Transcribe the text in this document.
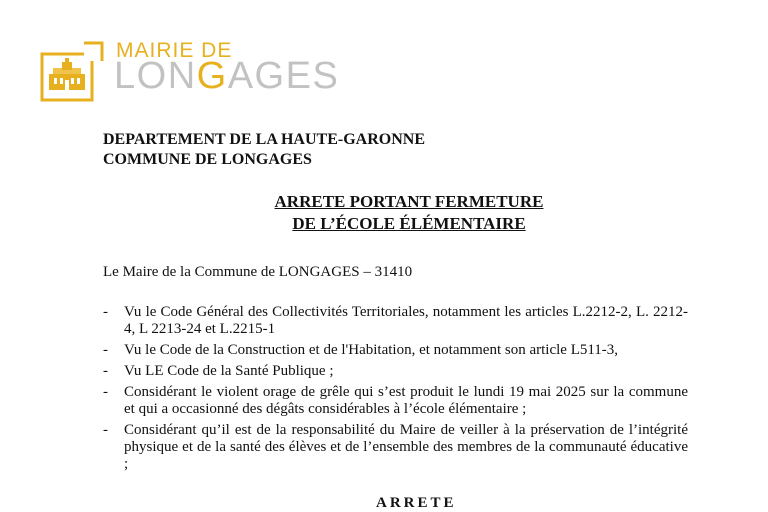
MAIRIE DE
LONGAGES
DEPARTEMENT DE LA HAUTE-GARONNE
COMMUNE DE LONGAGES
ARRETE PORTANT FERMETURE
DE L’ÉCOLE ÉLÉMENTAIRE
Le Maire de la Commune de LONGAGES – 31410
- Vu le Code Général des Collectivités Territoriales, notamment les articles L.2212-2, L. 2212-4, L 2213-24 et L.2215-1
- Vu le Code de la Construction et de l'Habitation, et notamment son article L511-3,
- Vu LE Code de la Santé Publique ;
- Considérant le violent orage de grêle qui s’est produit le lundi 19 mai 2025 sur la commune et qui a occasionné des dégâts considérables à l’école élémentaire ;
- Considérant qu’il est de la responsabilité du Maire de veiller à la préservation de l’intégrité physique et de la santé des élèves et de l’ensemble des membres de la communauté éducative ;
ARRETE
